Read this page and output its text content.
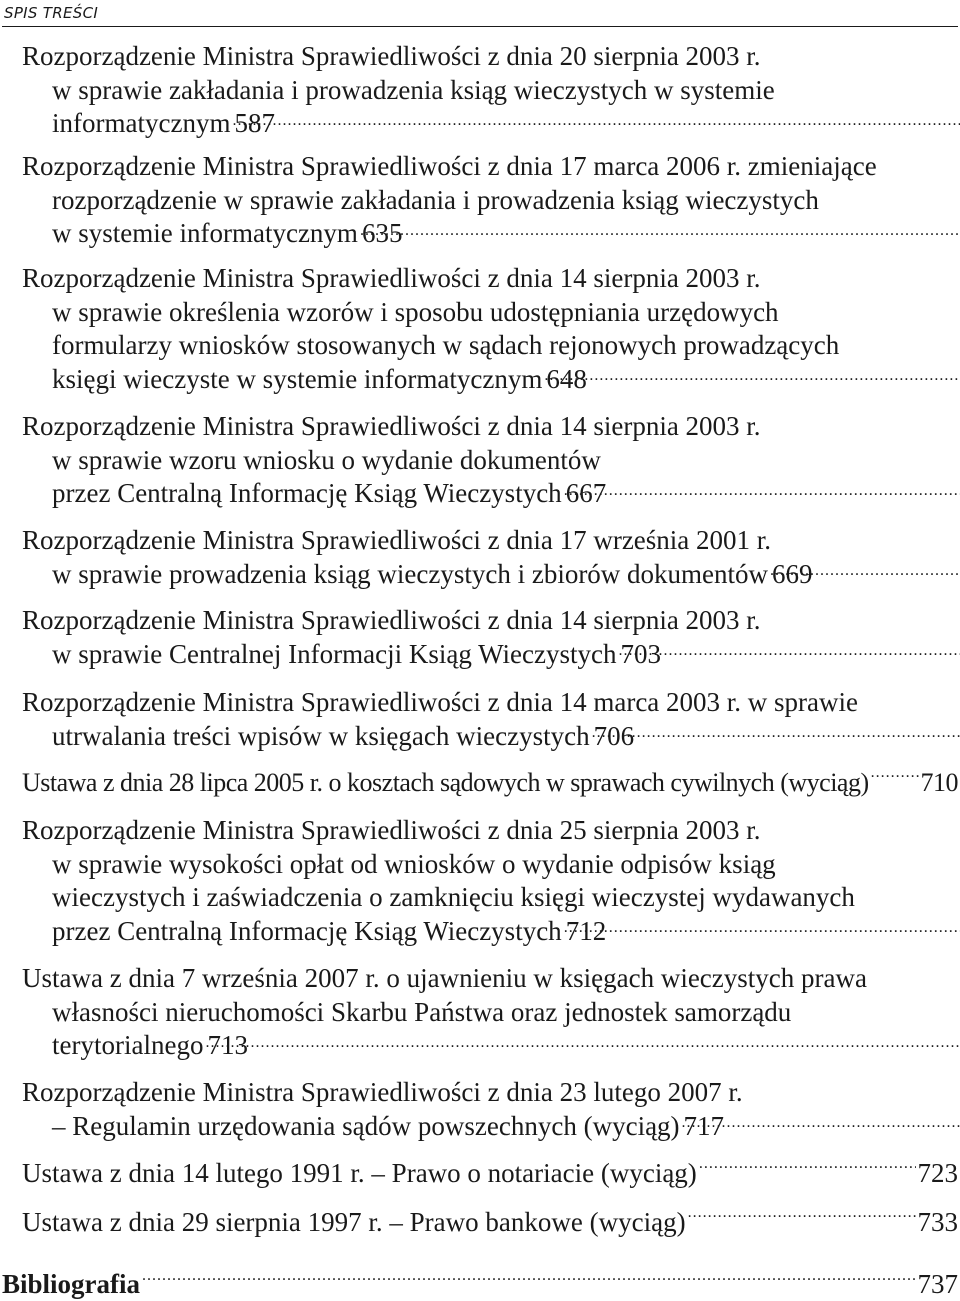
SPIS TREŚCI
Rozporządzenie Ministra Sprawiedliwości z dnia 20 sierpnia 2003 r.
w sprawie zakładania i prowadzenia ksiąg wieczystych w systemie
informatycznym 587
Rozporządzenie Ministra Sprawiedliwości z dnia 17 marca 2006 r. zmieniające
rozporządzenie w sprawie zakładania i prowadzenia ksiąg wieczystych
w systemie informatycznym 635
Rozporządzenie Ministra Sprawiedliwości z dnia 14 sierpnia 2003 r.
w sprawie określenia wzorów i sposobu udostępniania urzędowych
formularzy wniosków stosowanych w sądach rejonowych prowadzących
księgi wieczyste w systemie informatycznym 648
Rozporządzenie Ministra Sprawiedliwości z dnia 14 sierpnia 2003 r.
w sprawie wzoru wniosku o wydanie dokumentów
przez Centralną Informację Ksiąg Wieczystych 667
Rozporządzenie Ministra Sprawiedliwości z dnia 17 września 2001 r.
w sprawie prowadzenia ksiąg wieczystych i zbiorów dokumentów 669
Rozporządzenie Ministra Sprawiedliwości z dnia 14 sierpnia 2003 r.
w sprawie Centralnej Informacji Ksiąg Wieczystych 703
Rozporządzenie Ministra Sprawiedliwości z dnia 14 marca 2003 r. w sprawie
utrwalania treści wpisów w księgach wieczystych 706
Ustawa z dnia 28 lipca 2005 r. o kosztach sądowych w sprawach cywilnych (wyciąg) ..... 710
Rozporządzenie Ministra Sprawiedliwości z dnia 25 sierpnia 2003 r.
w sprawie wysokości opłat od wniosków o wydanie odpisów ksiąg
wieczystych i zaświadczenia o zamknięciu księgi wieczystej wydawanych
przez Centralną Informację Ksiąg Wieczystych 712
Ustawa z dnia 7 września 2007 r. o ujawnieniu w księgach wieczystych prawa
własności nieruchomości Skarbu Państwa oraz jednostek samorządu
terytorialnego 713
Rozporządzenie Ministra Sprawiedliwości z dnia 23 lutego 2007 r.
– Regulamin urzędowania sądów powszechnych (wyciąg) 717
Ustawa z dnia 14 lutego 1991 r. – Prawo o notariacie (wyciąg) .....	723
Ustawa z dnia 29 sierpnia 1997 r. – Prawo bankowe (wyciąg) .....	733
Bibliografia .....	737
